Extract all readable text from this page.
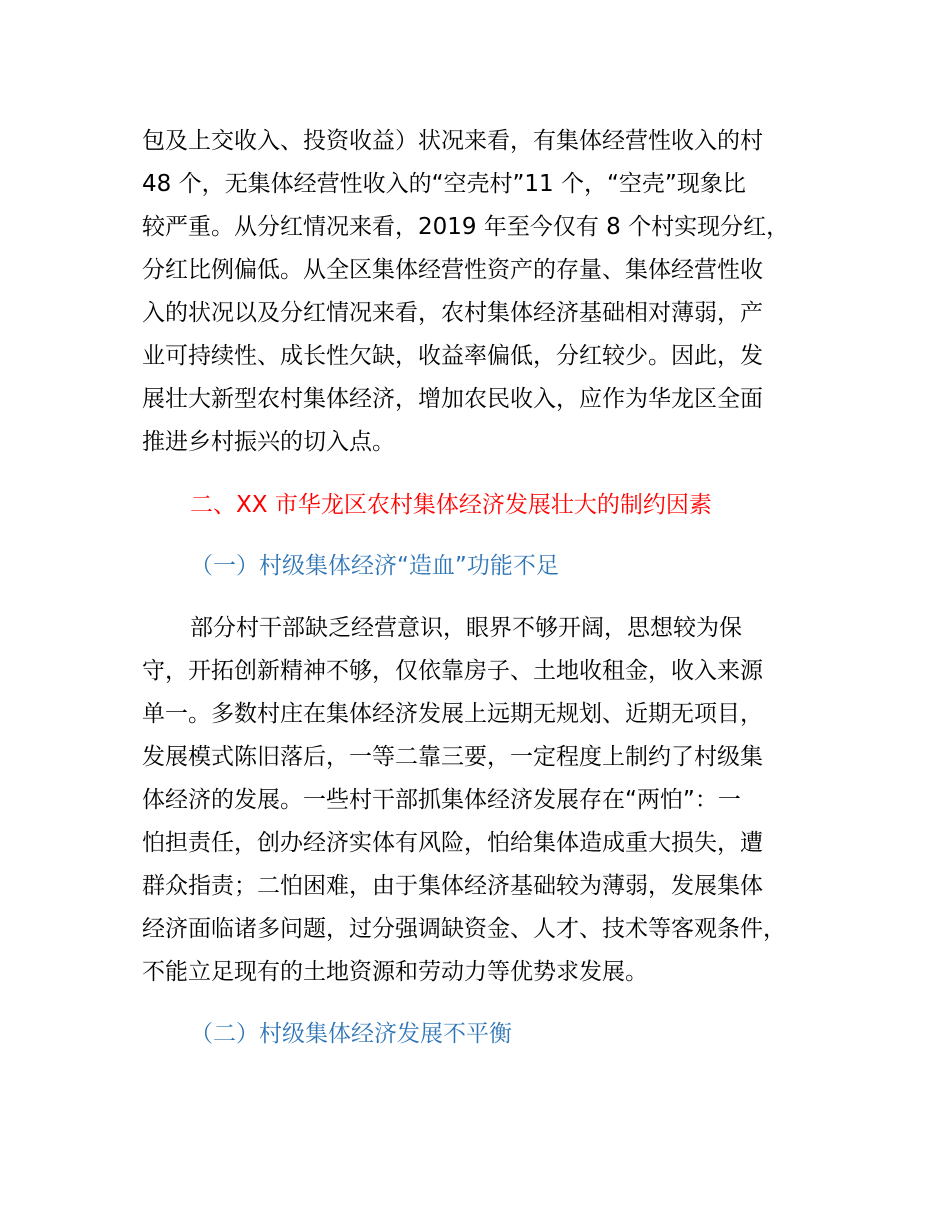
包及上交收入、投资收益）状况来看，有集体经营性收入的村
48 个，无集体经营性收入的“空壳村”11 个，“空壳”现象比
较严重。从分红情况来看，2019 年至今仅有 8 个村实现分红，
分红比例偏低。从全区集体经营性资产的存量、集体经营性收
入的状况以及分红情况来看，农村集体经济基础相对薄弱，产
业可持续性、成长性欠缺，收益率偏低，分红较少。因此，发
展壮大新型农村集体经济，增加农民收入，应作为华龙区全面
推进乡村振兴的切入点。
二、XX 市华龙区农村集体经济发展壮大的制约因素
（一）村级集体经济“造血”功能不足
部分村干部缺乏经营意识，眼界不够开阔，思想较为保
守，开拓创新精神不够，仅依靠房子、土地收租金，收入来源
单一。多数村庄在集体经济发展上远期无规划、近期无项目，
发展模式陈旧落后，一等二靠三要，一定程度上制约了村级集
体经济的发展。一些村干部抓集体经济发展存在“两怕”：一
怕担责任，创办经济实体有风险，怕给集体造成重大损失，遭
群众指责；二怕困难，由于集体经济基础较为薄弱，发展集体
经济面临诸多问题，过分强调缺资金、人才、技术等客观条件，
不能立足现有的土地资源和劳动力等优势求发展。
（二）村级集体经济发展不平衡
